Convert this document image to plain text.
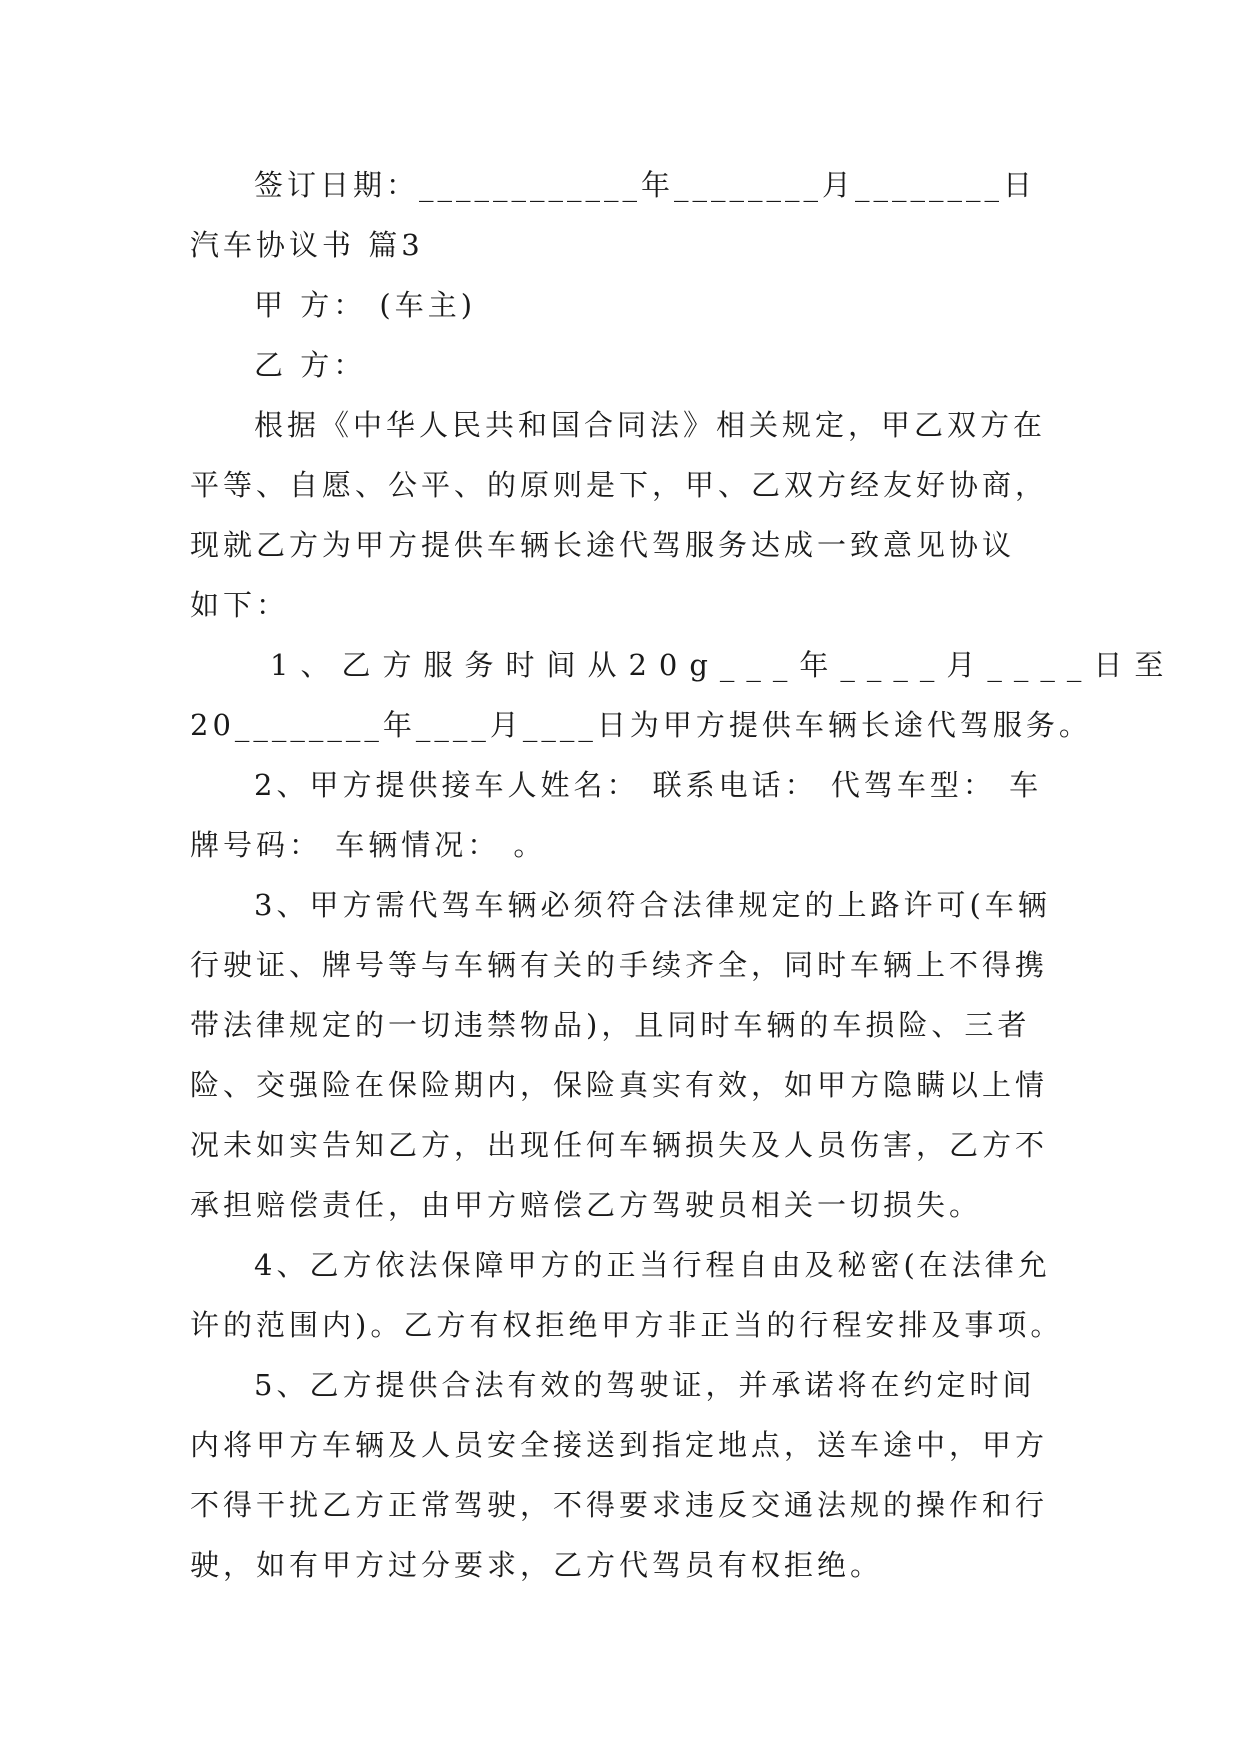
签订日期：____________年________月________日
汽车协议书 篇3
甲 方： (车主)
乙 方：
根据《中华人民共和国合同法》相关规定，甲乙双方在
平等、自愿、公平、的原则是下，甲、乙双方经友好协商，
现就乙方为甲方提供车辆长途代驾服务达成一致意见协议
如下：
1、乙方服务时间从20g___年____月____日至
20________年____月____日为甲方提供车辆长途代驾服务。
2、甲方提供接车人姓名： 联系电话： 代驾车型： 车
牌号码： 车辆情况： 。
3、甲方需代驾车辆必须符合法律规定的上路许可(车辆
行驶证、牌号等与车辆有关的手续齐全，同时车辆上不得携
带法律规定的一切违禁物品)，且同时车辆的车损险、三者
险、交强险在保险期内，保险真实有效，如甲方隐瞒以上情
况未如实告知乙方，出现任何车辆损失及人员伤害，乙方不
承担赔偿责任，由甲方赔偿乙方驾驶员相关一切损失。
4、乙方依法保障甲方的正当行程自由及秘密(在法律允
许的范围内)。乙方有权拒绝甲方非正当的行程安排及事项。
5、乙方提供合法有效的驾驶证，并承诺将在约定时间
内将甲方车辆及人员安全接送到指定地点，送车途中，甲方
不得干扰乙方正常驾驶，不得要求违反交通法规的操作和行
驶，如有甲方过分要求，乙方代驾员有权拒绝。
